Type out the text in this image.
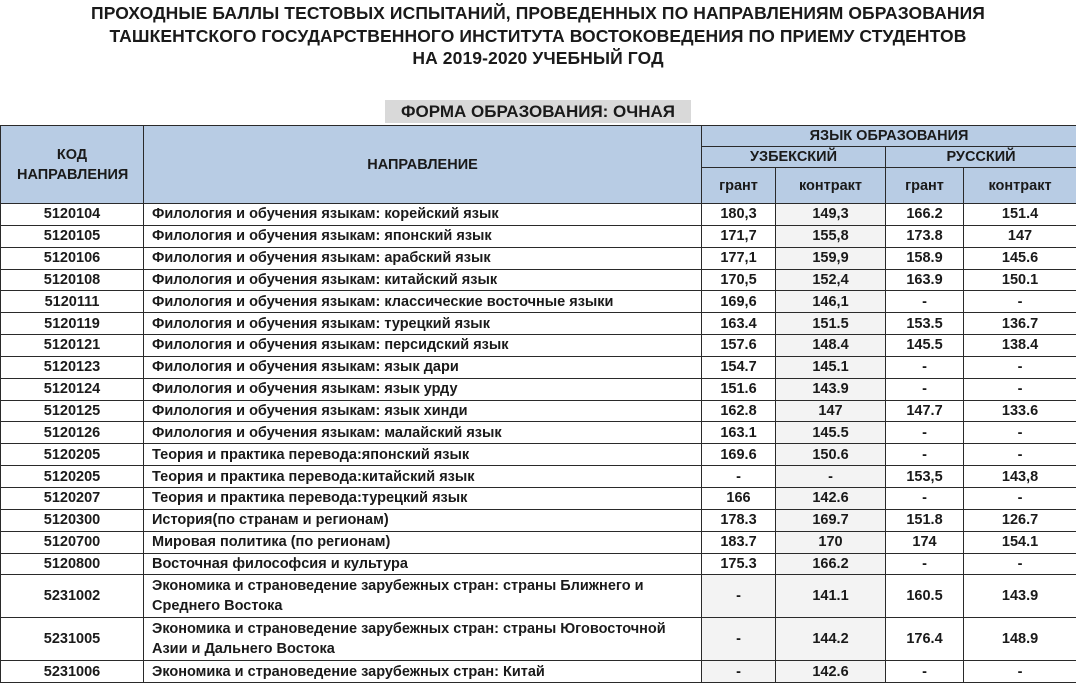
ПРОХОДНЫЕ БАЛЛЫ ТЕСТОВЫХ ИСПЫТАНИЙ, ПРОВЕДЕННЫХ ПО НАПРАВЛЕНИЯМ ОБРАЗОВАНИЯ
ТАШКЕНТСКОГО ГОСУДАРСТВЕННОГО ИНСТИТУТА ВОСТОКОВЕДЕНИЯ ПО ПРИЕМУ СТУДЕНТОВ
НА 2019-2020 УЧЕБНЫЙ ГОД
ФОРМА ОБРАЗОВАНИЯ: ОЧНАЯ
КОД НАПРАВЛЕНИЯ	НАПРАВЛЕНИЕ	ЯЗЫК ОБРАЗОВАНИЯ			
		УЗБЕКСКИЙ		РУССКИЙ	
		грант	контракт	грант	контракт
5120104	Филология и обучения языкам: корейский язык	180,3	149,3	166.2	151.4
5120105	Филология и обучения языкам: японский язык	171,7	155,8	173.8	147
5120106	Филология и обучения языкам: арабский язык	177,1	159,9	158.9	145.6
5120108	Филология и обучения языкам: китайский язык	170,5	152,4	163.9	150.1
5120111	Филология и обучения языкам: классические восточные языки	169,6	146,1	-	-
5120119	Филология и обучения языкам: турецкий язык	163.4	151.5	153.5	136.7
5120121	Филология и обучения языкам: персидский язык	157.6	148.4	145.5	138.4
5120123	Филология и обучения языкам: язык дари	154.7	145.1	-	-
5120124	Филология и обучения языкам: язык урду	151.6	143.9	-	-
5120125	Филология и обучения языкам: язык хинди	162.8	147	147.7	133.6
5120126	Филология и обучения языкам: малайский язык	163.1	145.5	-	-
5120205	Теория и практика перевода:японский язык	169.6	150.6	-	-
5120205	Теория и практика перевода:китайский язык	-	-	153,5	143,8
5120207	Теория и практика перевода:турецкий язык	166	142.6	-	-
5120300	История(по странам и регионам)	178.3	169.7	151.8	126.7
5120700	Мировая политика (по регионам)	183.7	170	174	154.1
5120800	Восточная философсия и культура	175.3	166.2	-	-
5231002	Экономика и страноведение зарубежных стран: страны Ближнего и Среднего Востока	-	141.1	160.5	143.9
5231005	Экономика и страноведение зарубежных стран: страны Юговосточной Азии и Дальнего Востока	-	144.2	176.4	148.9
5231006	Экономика и страноведение зарубежных стран: Китай	-	142.6	-	-
